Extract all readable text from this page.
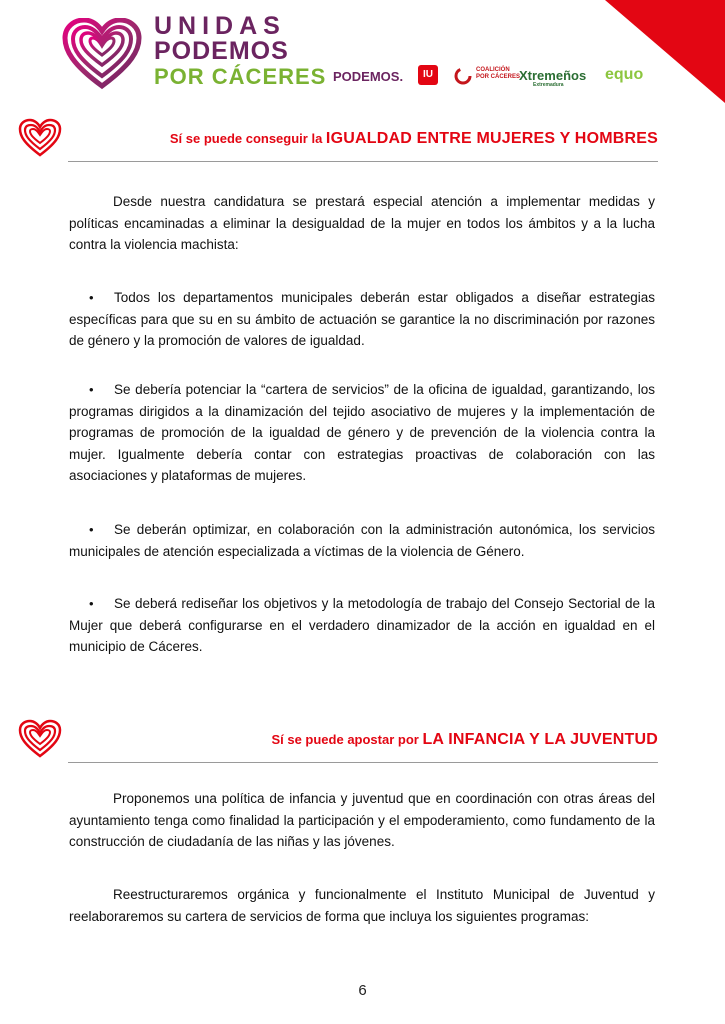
UNIDAS
PODEMOS
POR CÁCERES PODEMOS.	IU	COALICIÓN
POR CÁCERES
Xtremeños
Extremadura
equo
Sí se puede conseguir la IGUALDAD ENTRE MUJERES Y HOMBRES

Desde nuestra candidatura se prestará especial atención a implementar medidas y políticas encaminadas a eliminar la desigualdad de la mujer en todos los ámbitos y a la lucha contra la violencia machista:

• Todos los departamentos municipales deberán estar obligados a diseñar estrategias específicas para que su en su ámbito de actuación se garantice la no discriminación por razones de género y la promoción de valores de igualdad.

• Se debería potenciar la “cartera de servicios” de la oficina de igualdad, garantizando, los programas dirigidos a la dinamización del tejido asociativo de mujeres y la implementación de programas de promoción de la igualdad de género y de prevención de la violencia contra la mujer. Igualmente debería contar con estrategias proactivas de colaboración con las asociaciones y plataformas de mujeres.

• Se deberán optimizar, en colaboración con la administración autonómica, los servicios municipales de atención especializada a víctimas de la violencia de Género.

• Se deberá rediseñar los objetivos y la metodología de trabajo del Consejo Sectorial de la Mujer que deberá configurarse en el verdadero dinamizador de la acción en igualdad en el municipio de Cáceres.

Sí se puede apostar por LA INFANCIA Y LA JUVENTUD

Proponemos una política de infancia y juventud que en coordinación con otras áreas del ayuntamiento tenga como finalidad la participación y el empoderamiento, como fundamento de la construcción de ciudadanía de las niñas y las jóvenes.

Reestructuraremos orgánica y funcionalmente el Instituto Municipal de Juventud y reelaboraremos su cartera de servicios de forma que incluya los siguientes programas:

6
